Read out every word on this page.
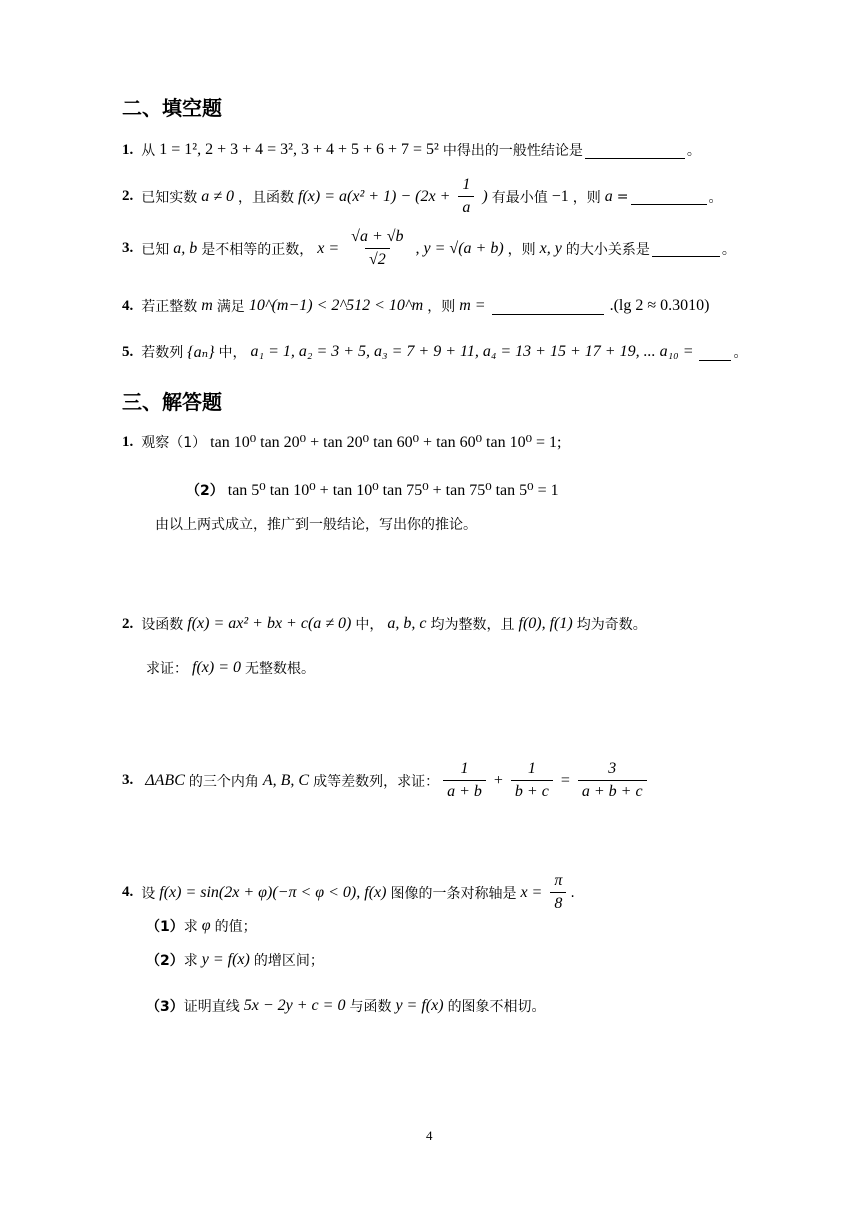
二、填空题
1. 从 1 = 1², 2 + 3 + 4 = 3², 3 + 4 + 5 + 6 + 7 = 5² 中得出的一般性结论是	。
2. 已知实数 a ≠ 0 ，且函数 $f(x) = a(x^2 + 1) - (2x + \frac{1}{a}$ ) 有最小值 −1 ，则 a =	。
3. 已知 a, b 是不相等的正数， $x = \frac{√a + √b}{√2}$ , y = √(a + b) ，则 x, y 的大小关系是	。
4. 若正整数 m 满足 10^(m−1) < 2^512 < 10^m ，则 m =	.(lg 2 ≈ 0.3010)
5. 若数列 {aₙ} 中， a₁ = 1, a₂ = 3 + 5, a₃ = 7 + 9 + 11, a₄ = 13 + 15 + 17 + 19, ... a₁₀ =	。
三、解答题
1. 观察（1） tan 10⁰ tan 20⁰ + tan 20⁰ tan 60⁰ + tan 60⁰ tan 10⁰ = 1;
（2） tan 5⁰ tan 10⁰ + tan 10⁰ tan 75⁰ + tan 75⁰ tan 5⁰ = 1
由以上两式成立，推广到一般结论，写出你的推论。
2. 设函数 f(x) = ax² + bx + c(a ≠ 0) 中， a, b, c 均为整数，且 f(0), f(1) 均为奇数。
求证： f(x) = 0 无整数根。
3. ΔABC 的三个内角 A, B, C 成等差数列，求证： $\frac{1}{a + b} + \frac{1}{b + c} = \frac{3}{a + b + c}$
4. 设 f(x) = sin(2x + φ)(−π < φ < 0), f(x) 图像的一条对称轴是 $x = \frac{\pi}{8}$ .
（1） 求 φ 的值；
（2） 求 y = f(x) 的增区间；
（3） 证明直线 5x − 2y + c = 0 与函数 y = f(x) 的图象不相切。
4
